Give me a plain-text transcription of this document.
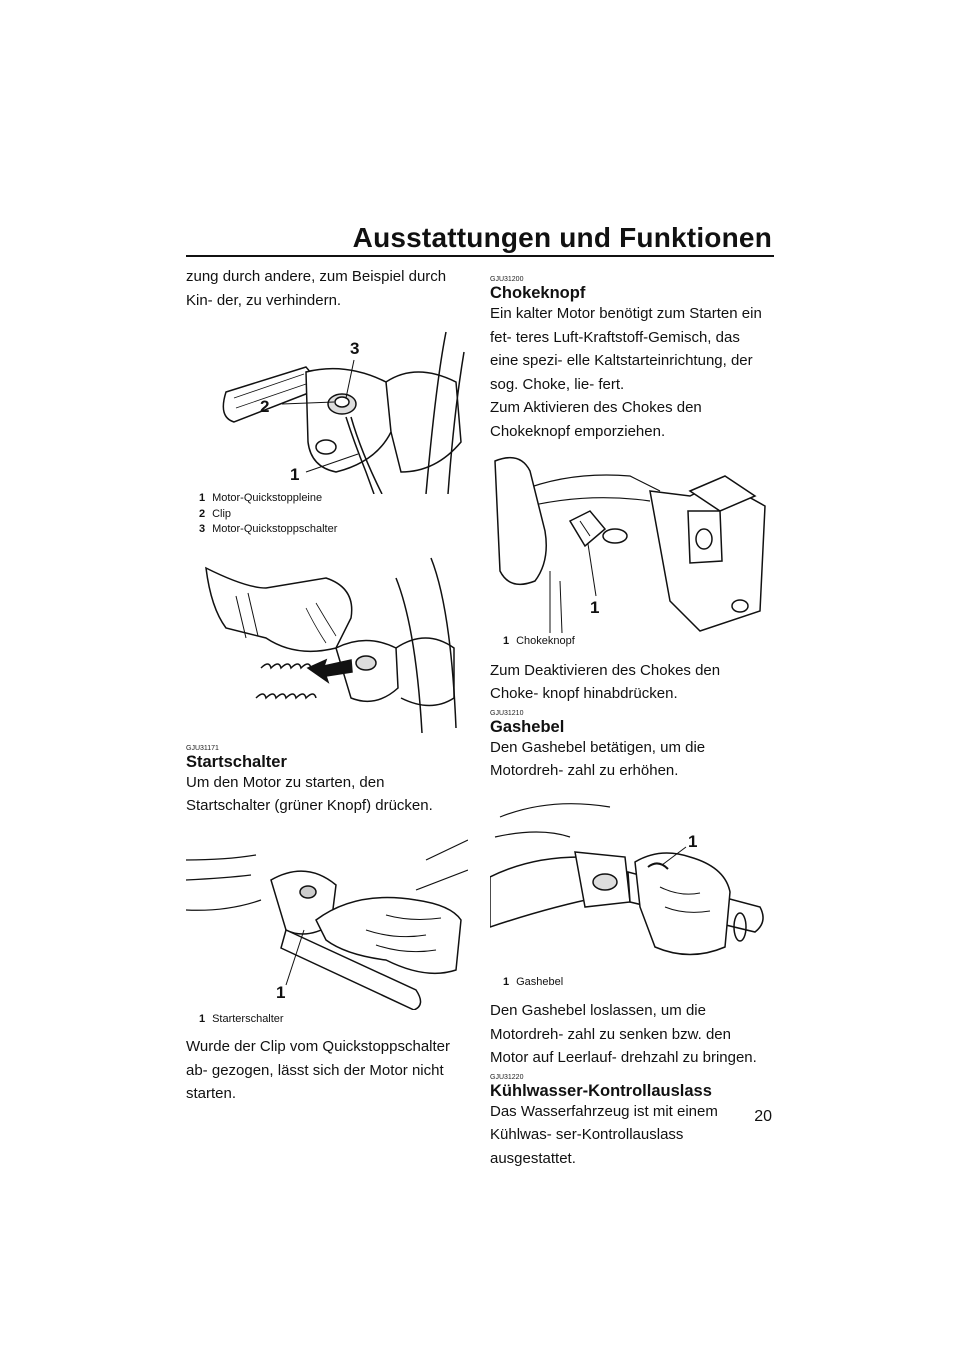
Ausstattungen und Funktionen

zung durch andere, zum Beispiel durch Kin- der, zu verhindern.

3
2
1

1 Motor-Quickstoppleine

2 Clip

3 Motor-Quickstoppschalter

GJU31171
Startschalter

Um den Motor zu starten, den Startschalter (grüner Knopf) drücken.

1

1 Starterschalter

Wurde der Clip vom Quickstoppschalter ab- gezogen, lässt sich der Motor nicht starten.

GJU31200
Chokeknopf

Ein kalter Motor benötigt zum Starten ein fet- teres Luft-Kraftstoff-Gemisch, das eine spezi- elle Kaltstarteinrichtung, der sog. Choke, lie- fert.

Zum Aktivieren des Chokes den Chokeknopf emporziehen.

1

1 Chokeknopf

Zum Deaktivieren des Chokes den Choke- knopf hinabdrücken.

GJU31210
Gashebel

Den Gashebel betätigen, um die Motordreh- zahl zu erhöhen.

1

1 Gashebel

Den Gashebel loslassen, um die Motordreh- zahl zu senken bzw. den Motor auf Leerlauf- drehzahl zu bringen.

GJU31220
Kühlwasser-Kontrollauslass

Das Wasserfahrzeug ist mit einem Kühlwas- ser-Kontrollauslass ausgestattet.

20
